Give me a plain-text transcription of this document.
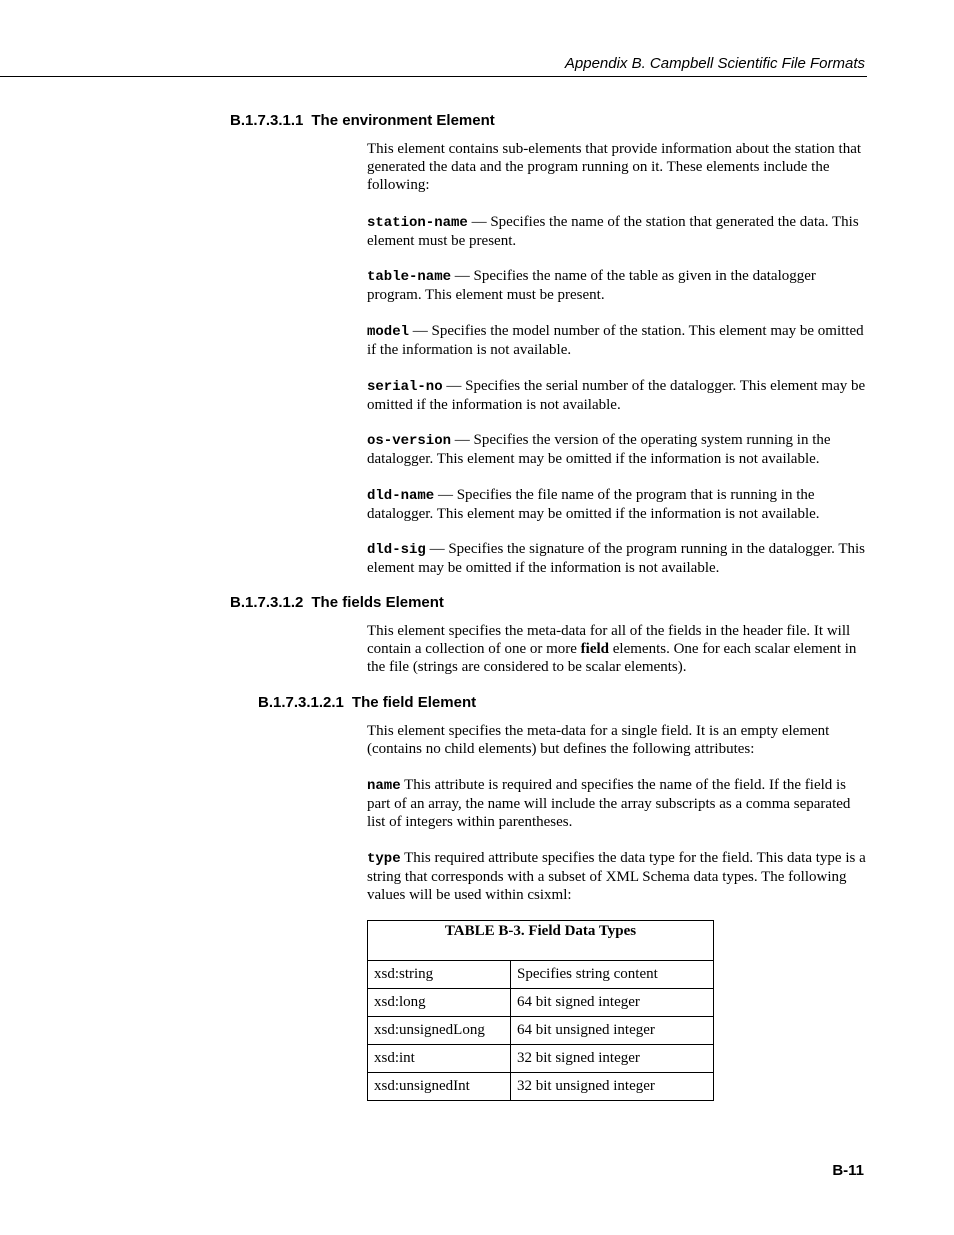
Appendix B. Campbell Scientific File Formats
B.1.7.3.1.1 The environment Element

This element contains sub-elements that provide information about the station that generated the data and the program running on it. These elements include the following:

station-name — Specifies the name of the station that generated the data. This element must be present.

table-name — Specifies the name of the table as given in the datalogger program. This element must be present.

model — Specifies the model number of the station. This element may be omitted if the information is not available.

serial-no — Specifies the serial number of the datalogger. This element may be omitted if the information is not available.

os-version — Specifies the version of the operating system running in the datalogger. This element may be omitted if the information is not available.

dld-name — Specifies the file name of the program that is running in the datalogger. This element may be omitted if the information is not available.

dld-sig — Specifies the signature of the program running in the datalogger. This element may be omitted if the information is not available.

B.1.7.3.1.2 The fields Element

This element specifies the meta-data for all of the fields in the header file. It will contain a collection of one or more field elements. One for each scalar element in the file (strings are considered to be scalar elements).

B.1.7.3.1.2.1 The field Element

This element specifies the meta-data for a single field. It is an empty element (contains no child elements) but defines the following attributes:

name This attribute is required and specifies the name of the field. If the field is part of an array, the name will include the array subscripts as a comma separated list of integers within parentheses.

type This required attribute specifies the data type for the field. This data type is a string that corresponds with a subset of XML Schema data types. The following values will be used within csixml:

TABLE B-3. Field Data Types	
xsd:string	Specifies string content
xsd:long	64 bit signed integer
xsd:unsignedLong	64 bit unsigned integer
xsd:int	32 bit signed integer
xsd:unsignedInt	32 bit unsigned integer
B-11
